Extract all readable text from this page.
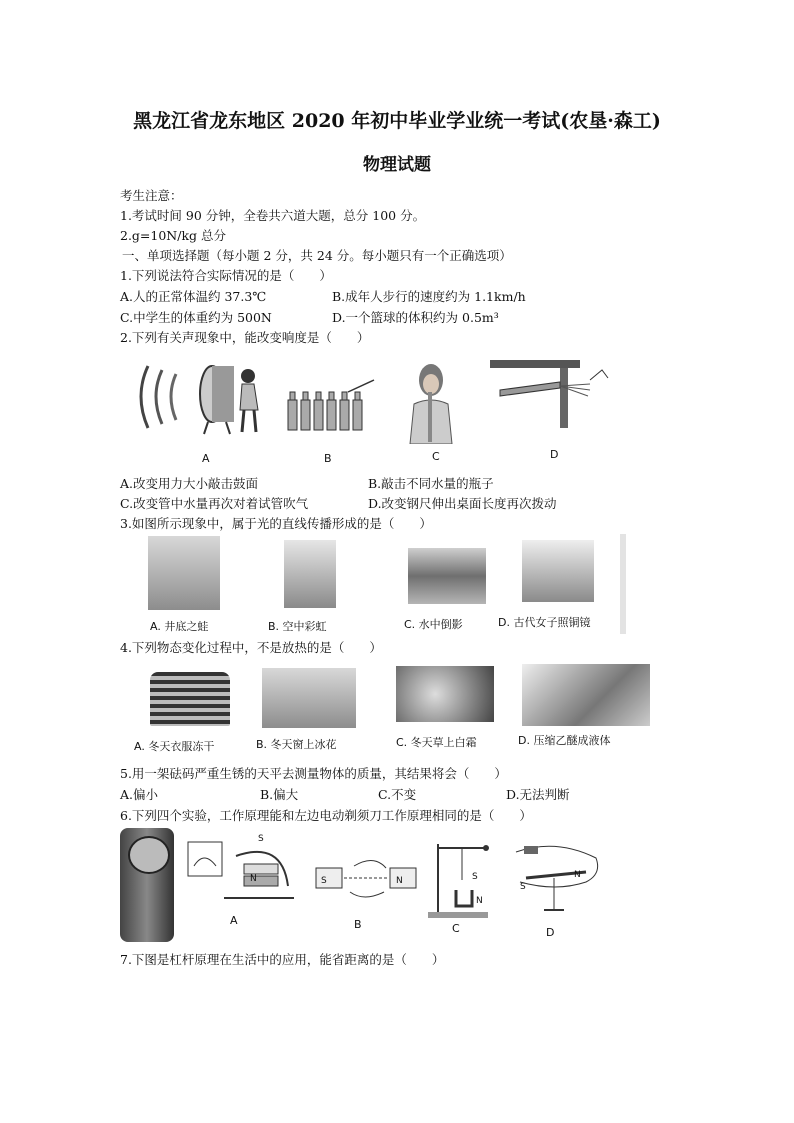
黑龙江省龙东地区 2020 年初中毕业学业统一考试(农垦·森工)
物理试题
考生注意：
1.考试时间 90 分钟，全卷共六道大题，总分 100 分。
2.g=10N/kg 总分
一、单项选择题（每小题 2 分，共 24 分。每小题只有一个正确选项）
1.下列说法符合实际情况的是（　　）
A.人的正常体温约 37.3℃	B.成年人步行的速度约为 1.1km/h
C.中学生的体重约为 500N	D.一个篮球的体积约为 0.5m³
2.下列有关声现象中，能改变响度是（　　）
A	B	C	D
A.改变用力大小敲击鼓面	B.敲击不同水量的瓶子
C.改变管中水量再次对着试管吹气	D.改变钢尺伸出桌面长度再次拨动
3.如图所示现象中，属于光的直线传播形成的是（　　）
A. 井底之蛙	B. 空中彩虹	C. 水中倒影	D. 古代女子照铜镜
4.下列物态变化过程中，不是放热的是（　　）
A. 冬天衣服冻干	B. 冬天窗上冰花	C. 冬天草上白霜	D. 压缩乙醚成液体
5.用一架砝码严重生锈的天平去测量物体的质量，其结果将会（　　）
A.偏小	B.偏大	C.不变	D.无法判断
6.下列四个实验，工作原理能和左边电动剃须刀工作原理相同的是（　　）
S
N	S	N	S
N
S
N
A	B	C	D
7.下图是杠杆原理在生活中的应用，能省距离的是（　　）
